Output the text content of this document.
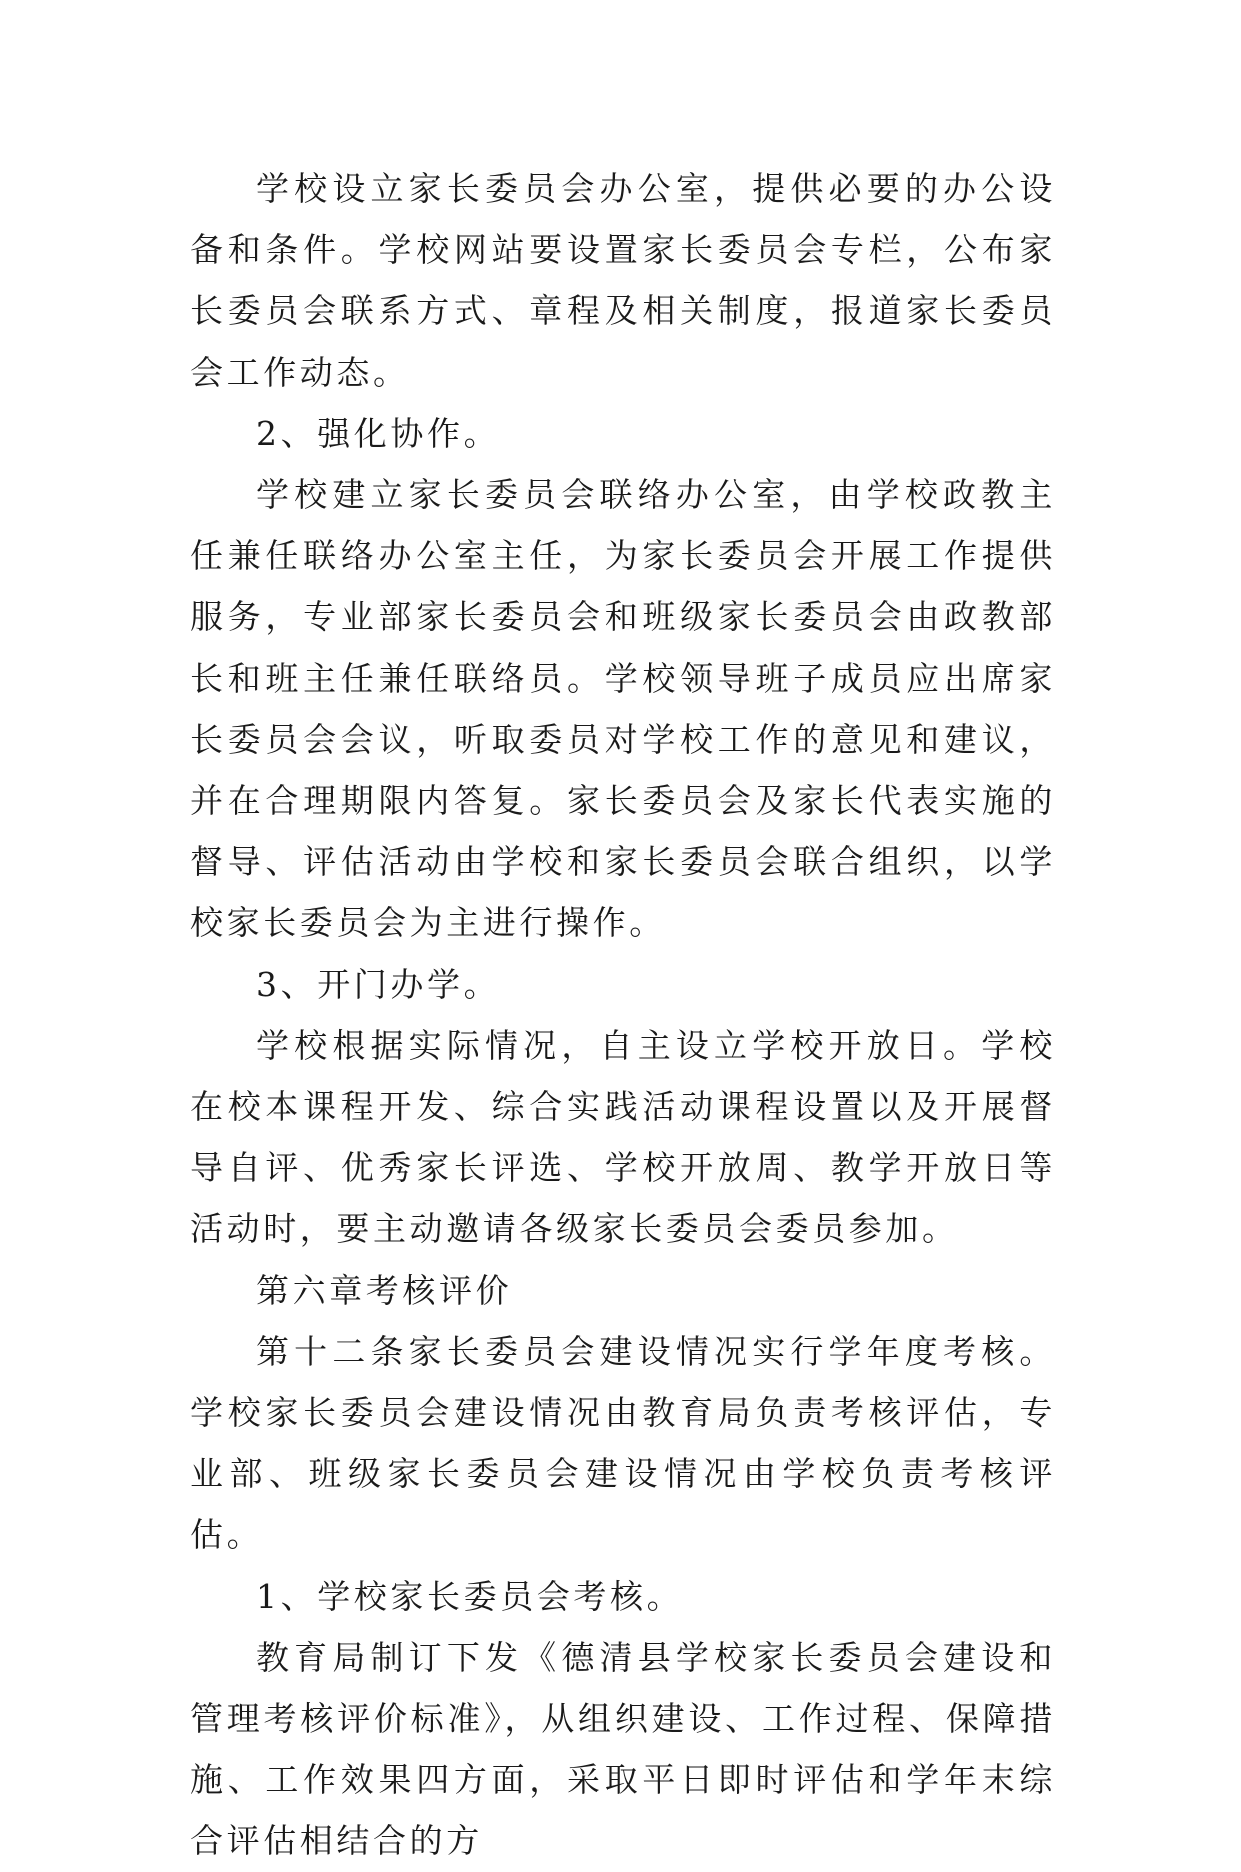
学校设立家长委员会办公室，提供必要的办公设备和条件。学校网站要设置家长委员会专栏，公布家长委员会联系方式、章程及相关制度，报道家长委员会工作动态。

2、强化协作。

学校建立家长委员会联络办公室，由学校政教主任兼任联络办公室主任，为家长委员会开展工作提供服务，专业部家长委员会和班级家长委员会由政教部长和班主任兼任联络员。学校领导班子成员应出席家长委员会会议，听取委员对学校工作的意见和建议，并在合理期限内答复。家长委员会及家长代表实施的督导、评估活动由学校和家长委员会联合组织，以学校家长委员会为主进行操作。

3、开门办学。

学校根据实际情况，自主设立学校开放日。学校在校本课程开发、综合实践活动课程设置以及开展督导自评、优秀家长评选、学校开放周、教学开放日等活动时，要主动邀请各级家长委员会委员参加。

第六章考核评价

第十二条家长委员会建设情况实行学年度考核。学校家长委员会建设情况由教育局负责考核评估，专业部、班级家长委员会建设情况由学校负责考核评估。

1、学校家长委员会考核。

教育局制订下发《德清县学校家长委员会建设和管理考核评价标准》，从组织建设、工作过程、保障措施、工作效果四方面，采取平日即时评估和学年末综合评估相结合的方
